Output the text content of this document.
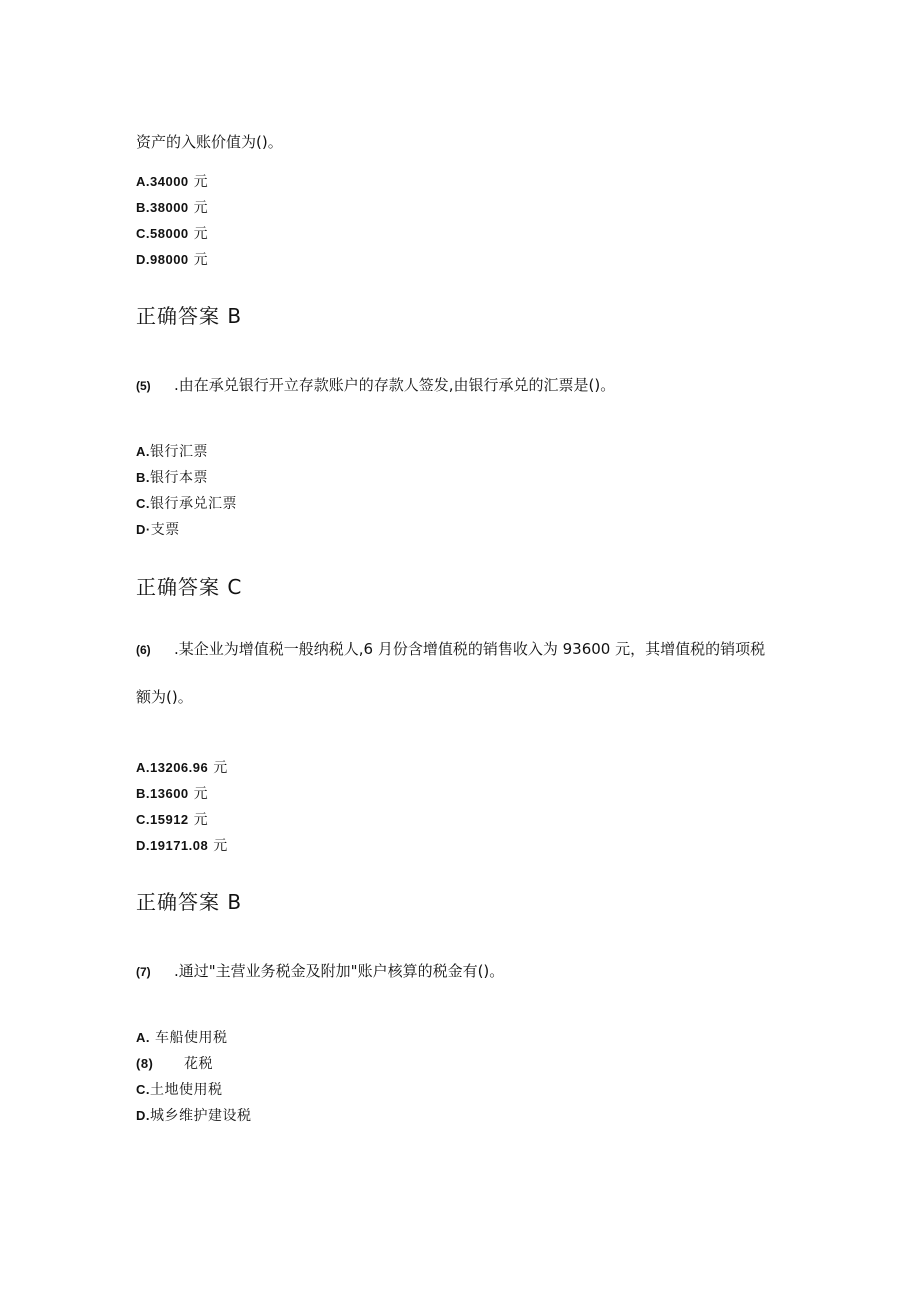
资产的入账价值为()。
A.34000 元
B.38000 元
C.58000 元
D.98000 元
正确答案 B
(5) .由在承兑银行开立存款账户的存款人签发,由银行承兑的汇票是()。
A.银行汇票
B.银行本票
C.银行承兑汇票
D·支票
正确答案 C
(6) .某企业为增值税一般纳税人,6 月份含增值税的销售收入为 93600 元，其增值税的销项税
额为()。
A.13206.96 元
B.13600 元
C.15912 元
D.19171.08 元
正确答案 B
(7) .通过"主营业务税金及附加"账户核算的税金有()。
A. 车船使用税
(8) 花税
C.土地使用税
D.城乡维护建设税
